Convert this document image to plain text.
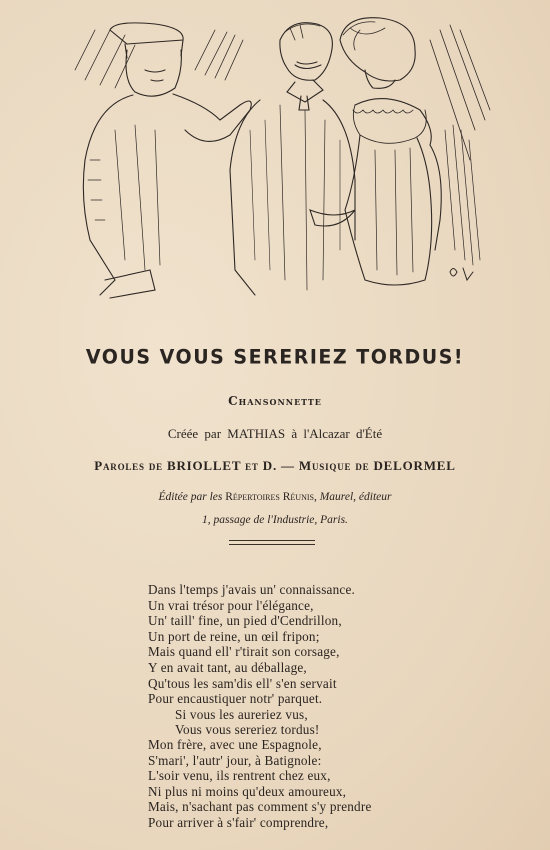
VOUS VOUS SERERIEZ TORDUS!
Chansonnette
Créée par MATHIAS à l'Alcazar d'Été
Paroles de BRIOLLET et D. — Musique de DELORMEL
Éditée par les Répertoires Réunis, Maurel, éditeur
1, passage de l'Industrie, Paris.
Dans l'temps j'avais un' connaissance.
Un vrai trésor pour l'élégance,
Un' taill' fine, un pied d'Cendrillon,
Un port de reine, un œil fripon;
Mais quand ell' r'tirait son corsage,
Y en avait tant, au déballage,
Qu'tous les sam'dis ell' s'en servait
Pour encaustiquer notr' parquet.
Si vous les aureriez vus,
Vous vous sereriez tordus!
Mon frère, avec une Espagnole,
S'mari', l'autr' jour, à Batignole:
L'soir venu, ils rentrent chez eux,
Ni plus ni moins qu'deux amoureux,
Mais, n'sachant pas comment s'y prendre
Pour arriver à s'fair' comprendre,
